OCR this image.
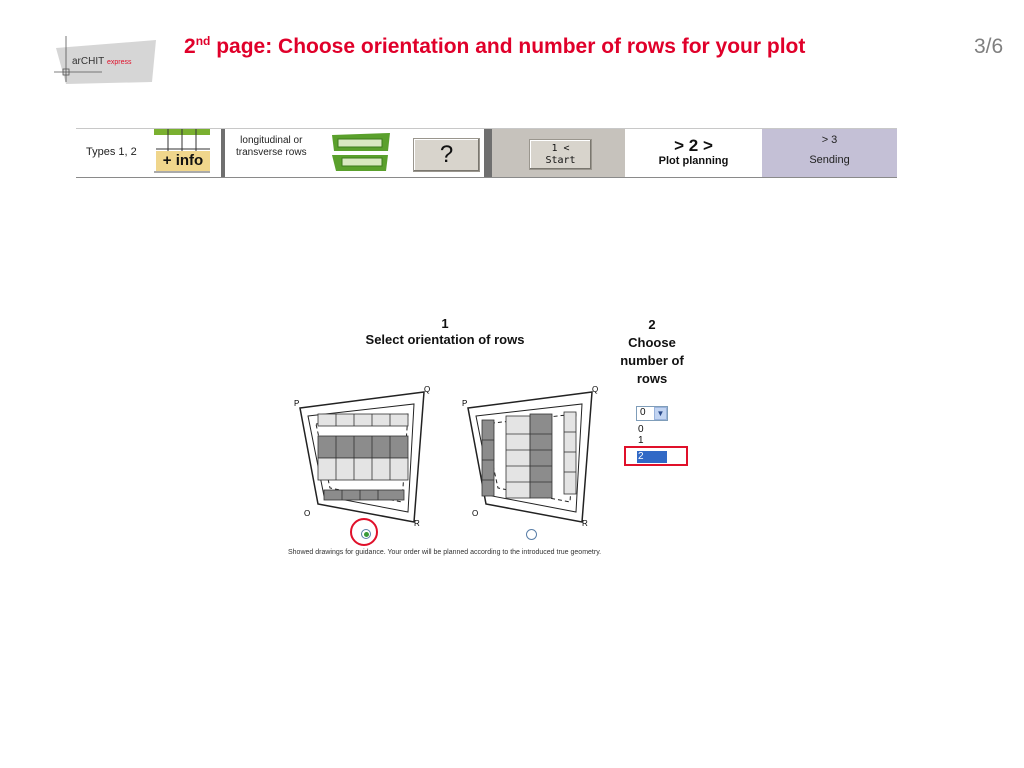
arCHIT express
2nd page: Choose orientation and number of rows for your plot	3/6
Types 1, 2	+ info
longitudinal or
transverse rows	?	1 <
Start
> 2 >
Plot planning
> 3
Sending
1
Select orientation of rows
2
Choose
number of
rows
P
Q
O
R
P
Q
O
R
Showed drawings for guidance. Your order will be planned according to the introduced true geometry.
0	▼
0
1
2
